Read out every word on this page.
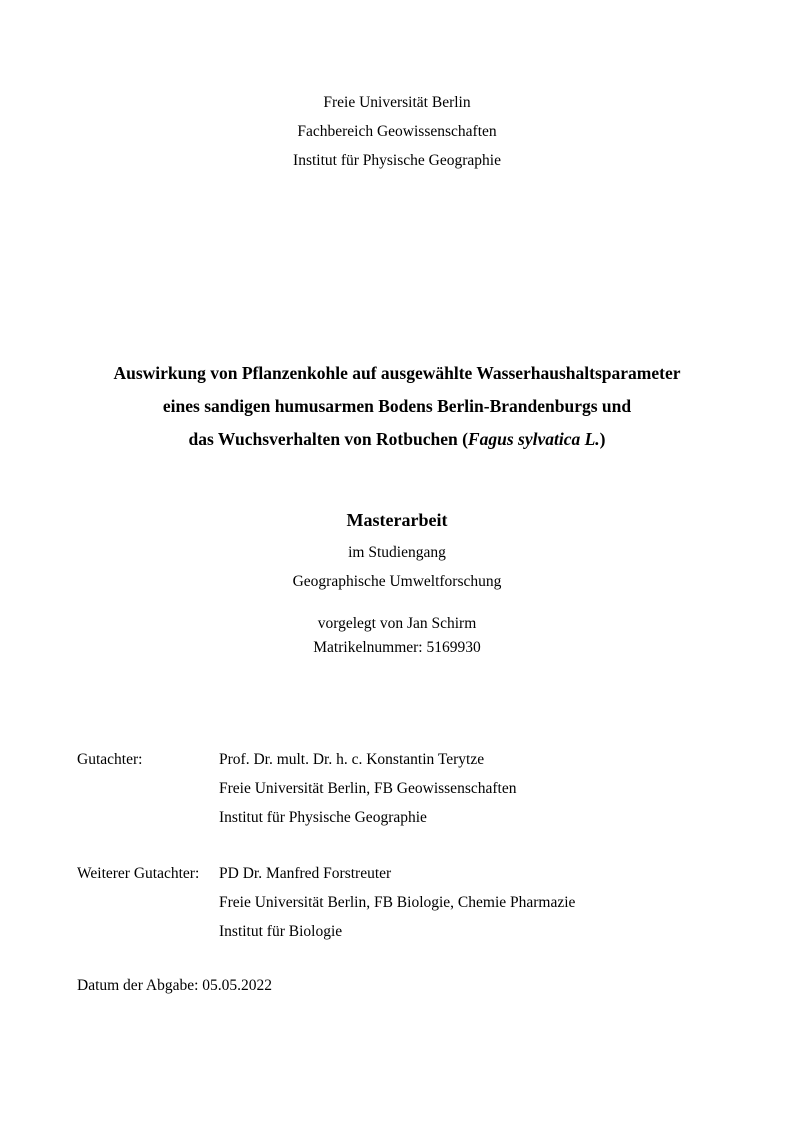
Freie Universität Berlin
Fachbereich Geowissenschaften
Institut für Physische Geographie
Auswirkung von Pflanzenkohle auf ausgewählte Wasserhaushaltsparameter
eines sandigen humusarmen Bodens Berlin-Brandenburgs und
das Wuchsverhalten von Rotbuchen (Fagus sylvatica L.)
Masterarbeit
im Studiengang
Geographische Umweltforschung
vorgelegt von Jan Schirm
Matrikelnummer: 5169930
Gutachter:	Prof. Dr. mult. Dr. h. c. Konstantin Terytze
Freie Universität Berlin, FB Geowissenschaften
Institut für Physische Geographie
Weiterer Gutachter:	PD Dr. Manfred Forstreuter
Freie Universität Berlin, FB Biologie, Chemie Pharmazie
Institut für Biologie
Datum der Abgabe: 05.05.2022
